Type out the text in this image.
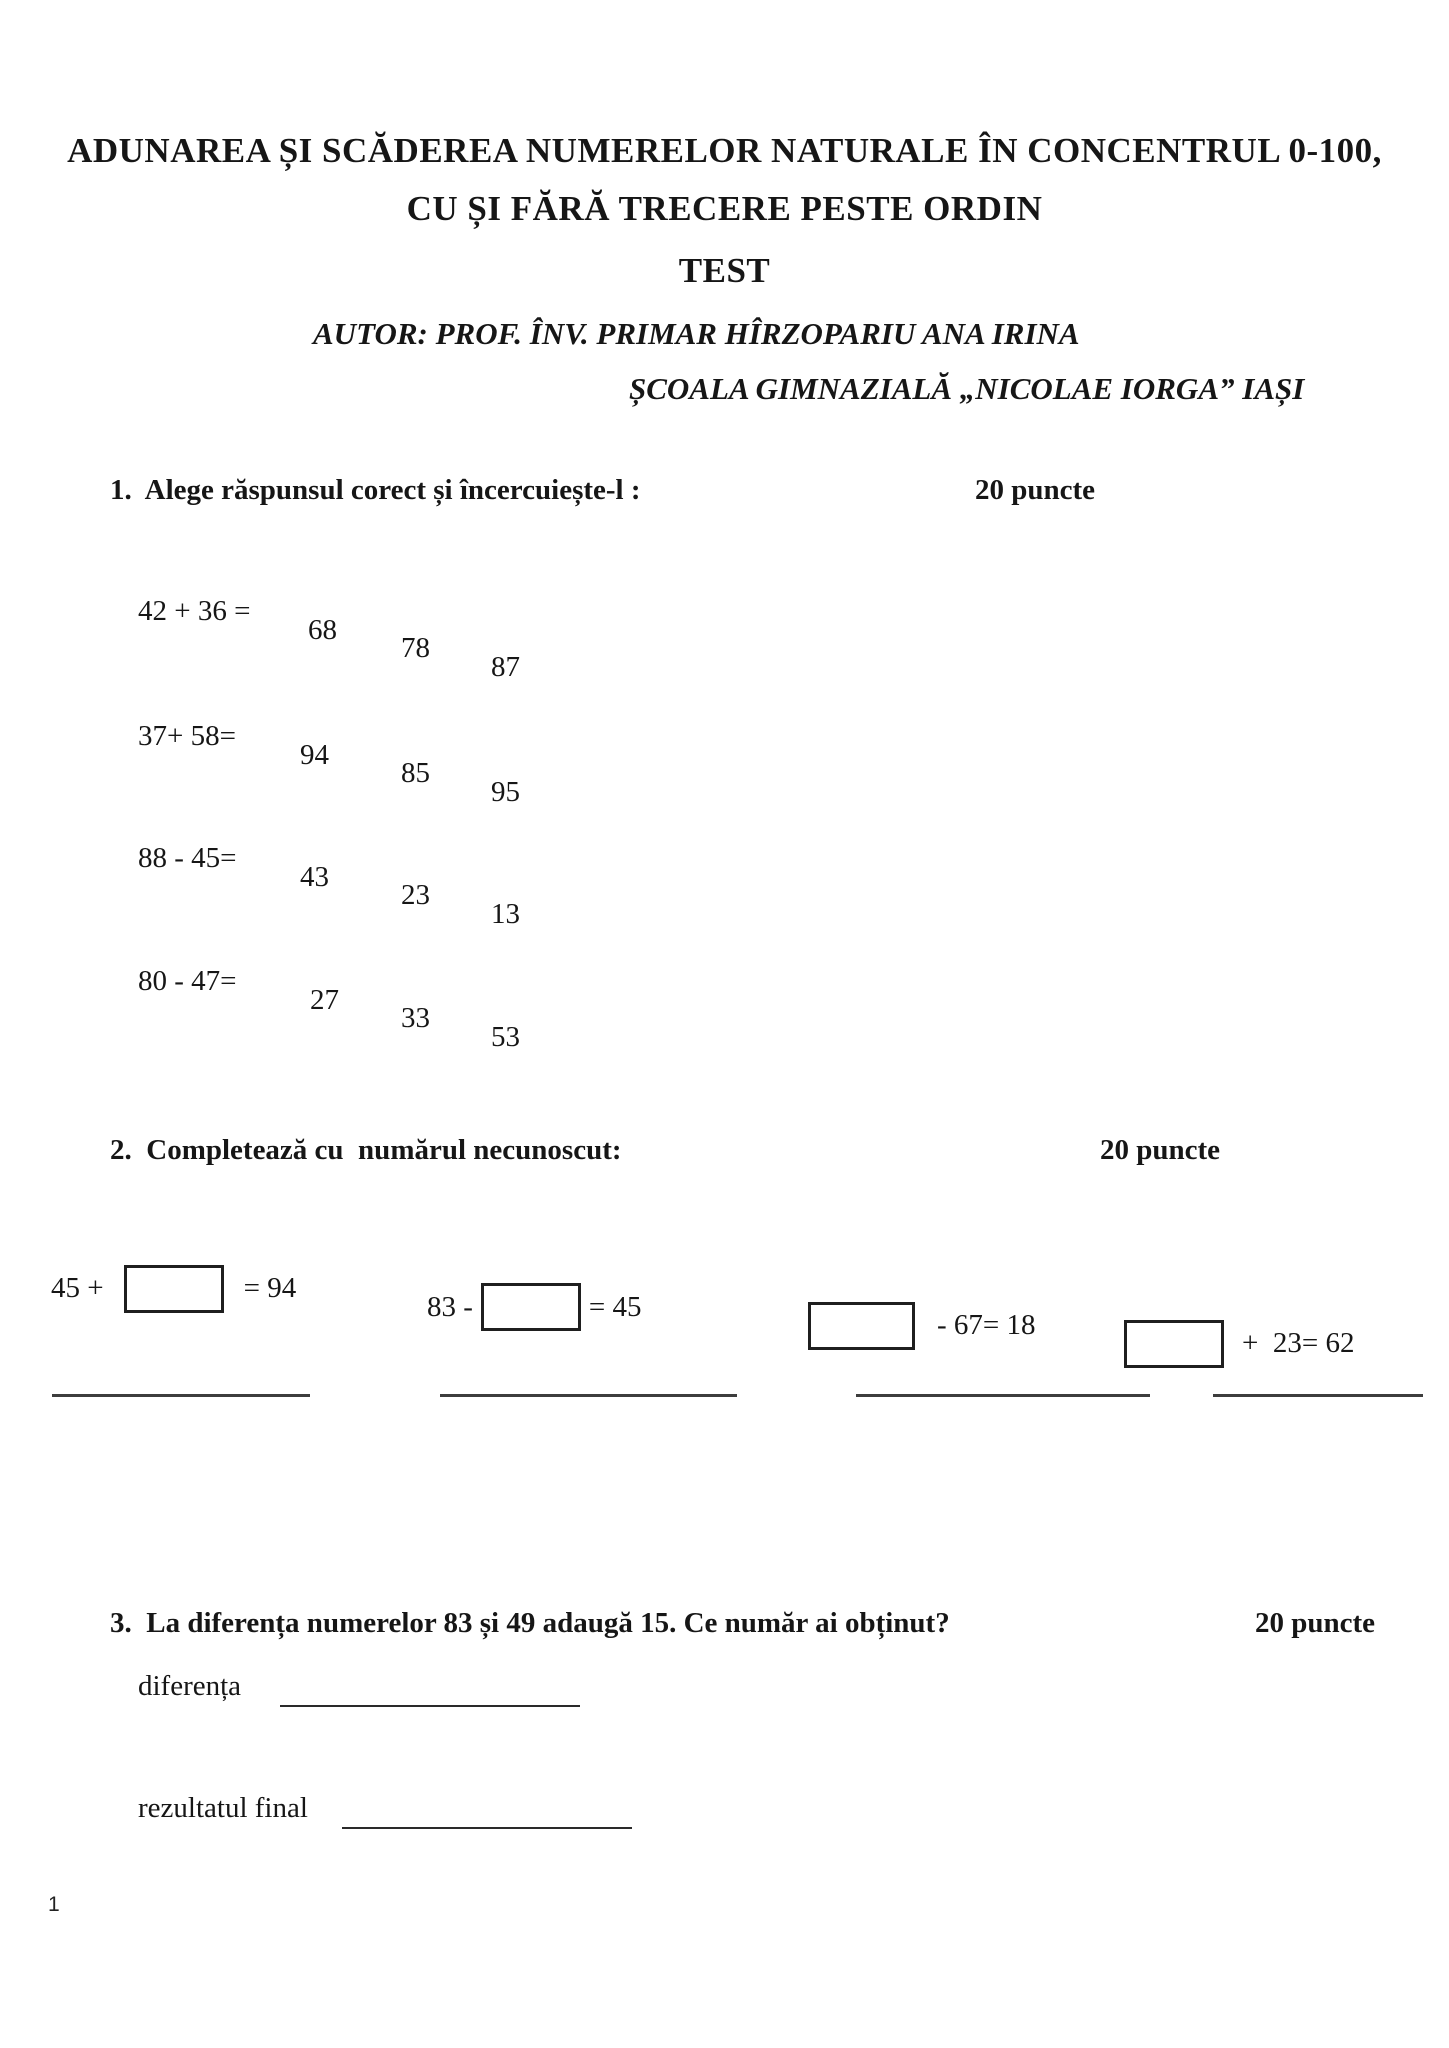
ADUNAREA ȘI SCĂDEREA NUMERELOR NATURALE ÎN CONCENTRUL 0-100,
CU ȘI FĂRĂ TRECERE PESTE ORDIN
TEST
AUTOR: PROF. ÎNV. PRIMAR HÎRZOPARIU ANA IRINA
ȘCOALA GIMNAZIALĂ „NICOLAE IORGA” IAȘI
1.  Alege răspunsul corect și încercuiește-l :	20 puncte

42 + 36 =

68

78

87

37+ 58=

94

85

95

88 - 45=

43

23

13

80 - 47=

27

33

53

2.  Completează cu  numărul necunoscut:	20 puncte

45 +	= 94

83 -	= 45

- 67= 18

+  23= 62

3.  La diferența numerelor 83 și 49 adaugă 15. Ce număr ai obținut?	20 puncte
diferența
rezultatul final
1
